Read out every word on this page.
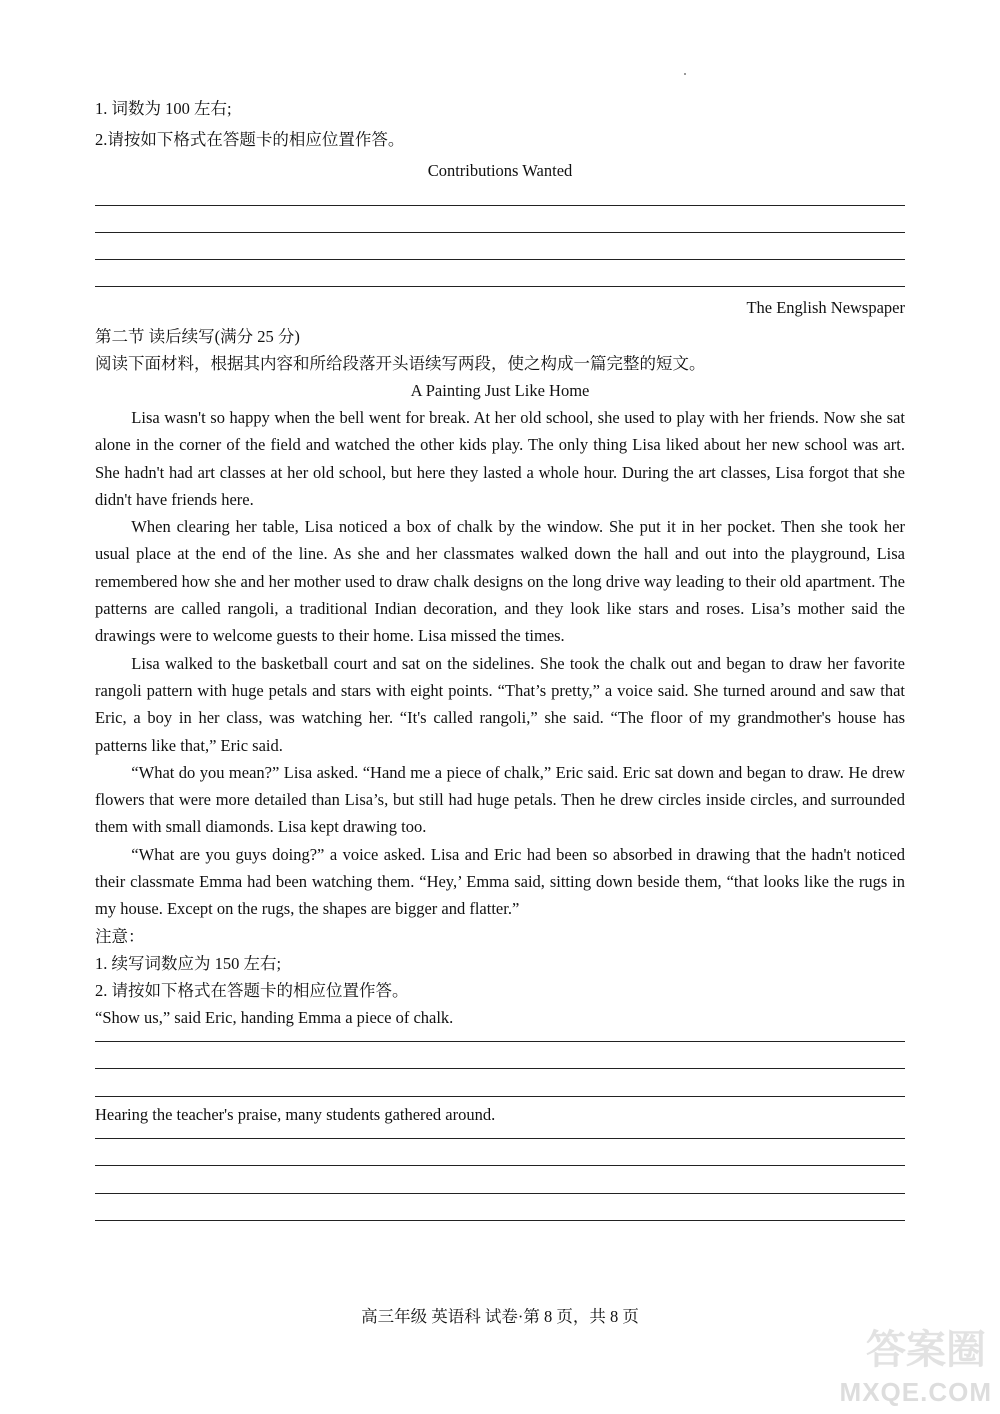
1. 词数为 100 左右;

2.请按如下格式在答题卡的相应位置作答。

Contributions Wanted

The English Newspaper

第二节 读后续写(满分 25 分)

阅读下面材料，根据其内容和所给段落开头语续写两段，使之构成一篇完整的短文。

A Painting Just Like Home

Lisa wasn't so happy when the bell went for break. At her old school, she used to play with her friends. Now she sat alone in the corner of the field and watched the other kids play. The only thing Lisa liked about her new school was art. She hadn't had art classes at her old school, but here they lasted a whole hour. During the art classes, Lisa forgot that she didn't have friends here.

When clearing her table, Lisa noticed a box of chalk by the window. She put it in her pocket. Then she took her usual place at the end of the line. As she and her classmates walked down the hall and out into the playground, Lisa remembered how she and her mother used to draw chalk designs on the long drive way leading to their old apartment. The patterns are called rangoli, a traditional Indian decoration, and they look like stars and roses. Lisa’s mother said the drawings were to welcome guests to their home. Lisa missed the times.

Lisa walked to the basketball court and sat on the sidelines. She took the chalk out and began to draw her favorite rangoli pattern with huge petals and stars with eight points. “That’s pretty,” a voice said. She turned around and saw that Eric, a boy in her class, was watching her. “It's called rangoli,” she said. “The floor of my grandmother's house has patterns like that,” Eric said.

“What do you mean?” Lisa asked. “Hand me a piece of chalk,” Eric said. Eric sat down and began to draw. He drew flowers that were more detailed than Lisa’s, but still had huge petals. Then he drew circles inside circles, and surrounded them with small diamonds. Lisa kept drawing too.

“What are you guys doing?” a voice asked. Lisa and Eric had been so absorbed in drawing that the hadn't noticed their classmate Emma had been watching them. “Hey,’ Emma said, sitting down beside them, “that looks like the rugs in my house. Except on the rugs, the shapes are bigger and flatter.”

注意：

1. 续写词数应为 150 左右;

2. 请按如下格式在答题卡的相应位置作答。

“Show us,” said Eric, handing Emma a piece of chalk.

Hearing the teacher's praise, many students gathered around.

高三年级 英语科 试卷·第 8 页，共 8 页
答案圈
MXQE.COM
